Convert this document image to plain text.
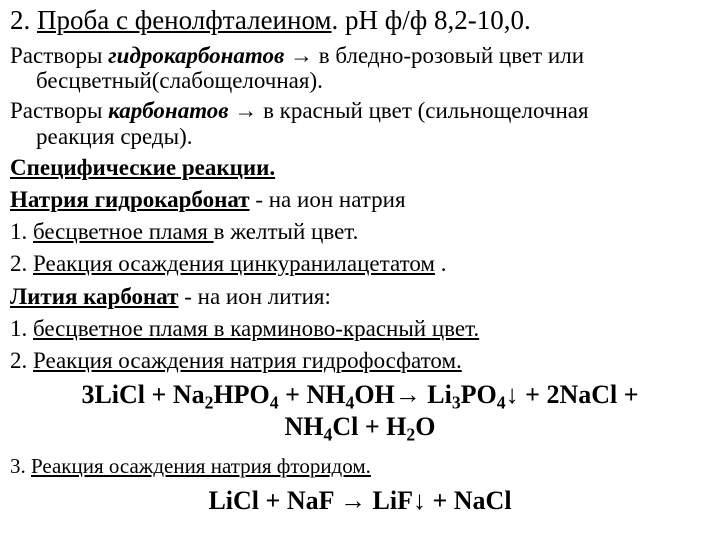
2. Проба с фенолфталеином. рН ф/ф 8,2-10,0.
Растворы гидрокарбонатов → в бледно-розовый цвет или
бесцветный(слабощелочная).
Растворы карбонатов → в красный цвет (сильнощелочная
реакция среды).
Специфические реакции.
Натрия гидрокарбонат - на ион натрия
1. бесцветное пламя в желтый цвет.
2. Реакция осаждения цинкуранилацетатом .
Лития карбонат - на ион лития:
1. бесцветное пламя в карминово-красный цвет.
2. Реакция осаждения натрия гидрофосфатом.
3LiCl + $Na_2HPO_4 + NH_4OH\to$ $Li_3PO_4↓$ + 2NaCl +
$NH_4Cl + H_2O$
3. Реакция осаждения натрия фторидом.
LiCl + NaF → LiF↓ + NaCl
